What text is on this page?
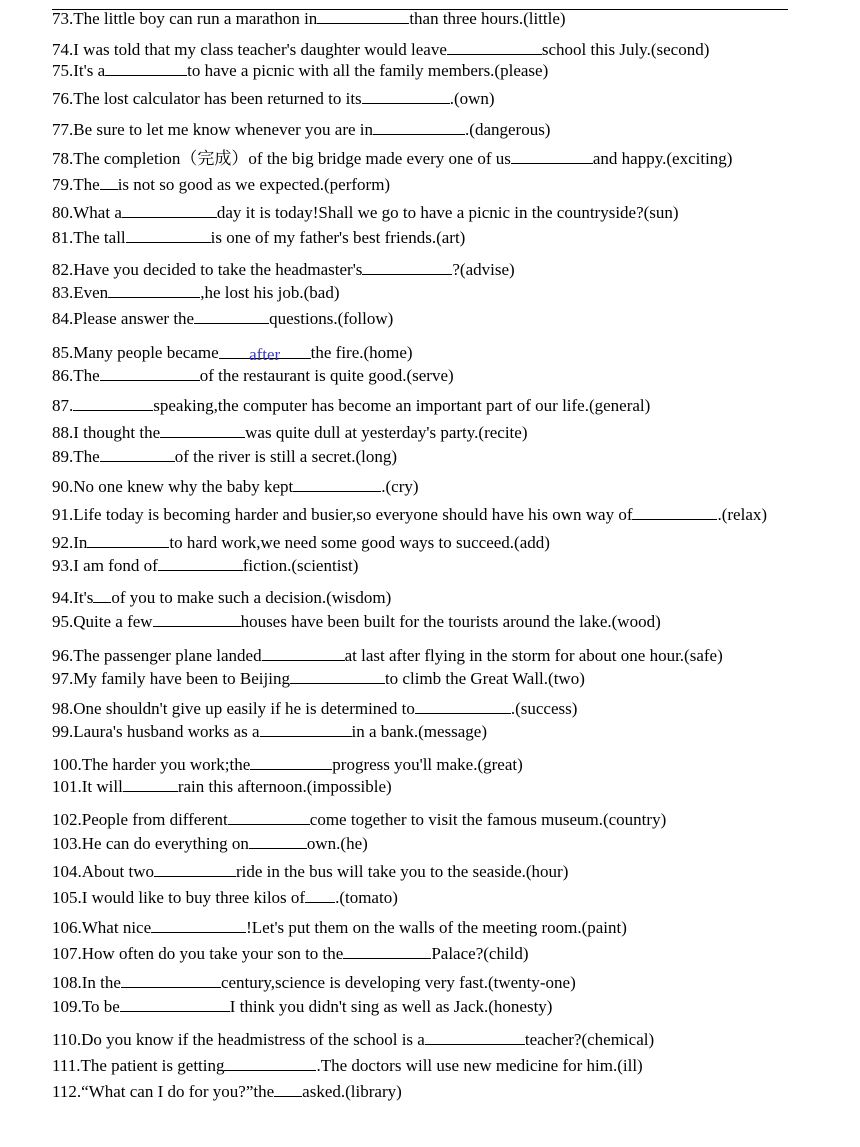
73.The little boy can run a marathon in	than three hours.(little)
74.I was told that my class teacher's daughter would leave	school this July.(second)
75.It's a	to have a picnic with all the family members.(please)
76.The lost calculator has been returned to its	.(own)
77.Be sure to let me know whenever you are in	.(dangerous)
78.The completion（完成）of the big bridge made every one of us	and happy.(exciting)
79.The is not so good as we expected.(perform)
80.What a	day it is today!Shall we go to have a picnic in the countryside?(sun)
81.The tall	is one of my father's best friends.(art)
82.Have you decided to take the headmaster's	?(advise)
83.Even	,he lost his job.(bad)
84.Please answer the	questions.(follow)
85.Many people became after the fire.(home)
86.The	of the restaurant is quite good.(serve)
87.	speaking,the computer has become an important part of our life.(general)
88.I thought the	was quite dull at yesterday's party.(recite)
89.The	of the river is still a secret.(long)
90.No one knew why the baby kept	.(cry)
91.Life today is becoming harder and busier,so everyone should have his own way of	.(relax)
92.In	to hard work,we need some good ways to succeed.(add)
93.I am fond of	fiction.(scientist)
94.It's of you to make such a decision.(wisdom)
95.Quite a few	houses have been built for the tourists around the lake.(wood)
96.The passenger plane landed	at last after flying in the storm for about one hour.(safe)
97.My family have been to Beijing	to climb the Great Wall.(two)
98.One shouldn't give up easily if he is determined to	.(success)
99.Laura's husband works as a	in a bank.(message)
100.The harder you work;the	progress you'll make.(great)
101.It will	rain this afternoon.(impossible)
102.People from different	come together to visit the famous museum.(country)
103.He can do everything on	own.(he)
104.About two	ride in the bus will take you to the seaside.(hour)
105.I would like to buy three kilos of .(tomato)
106.What nice	!Let's put them on the walls of the meeting room.(paint)
107.How often do you take your son to the	Palace?(child)
108.In the	century,science is developing very fast.(twenty-one)
109.To be	I think you didn't sing as well as Jack.(honesty)
110.Do you know if the headmistress of the school is a	teacher?(chemical)
111.The patient is getting	.The doctors will use new medicine for him.(ill)
112.“What can I do for you?”the asked.(library)
